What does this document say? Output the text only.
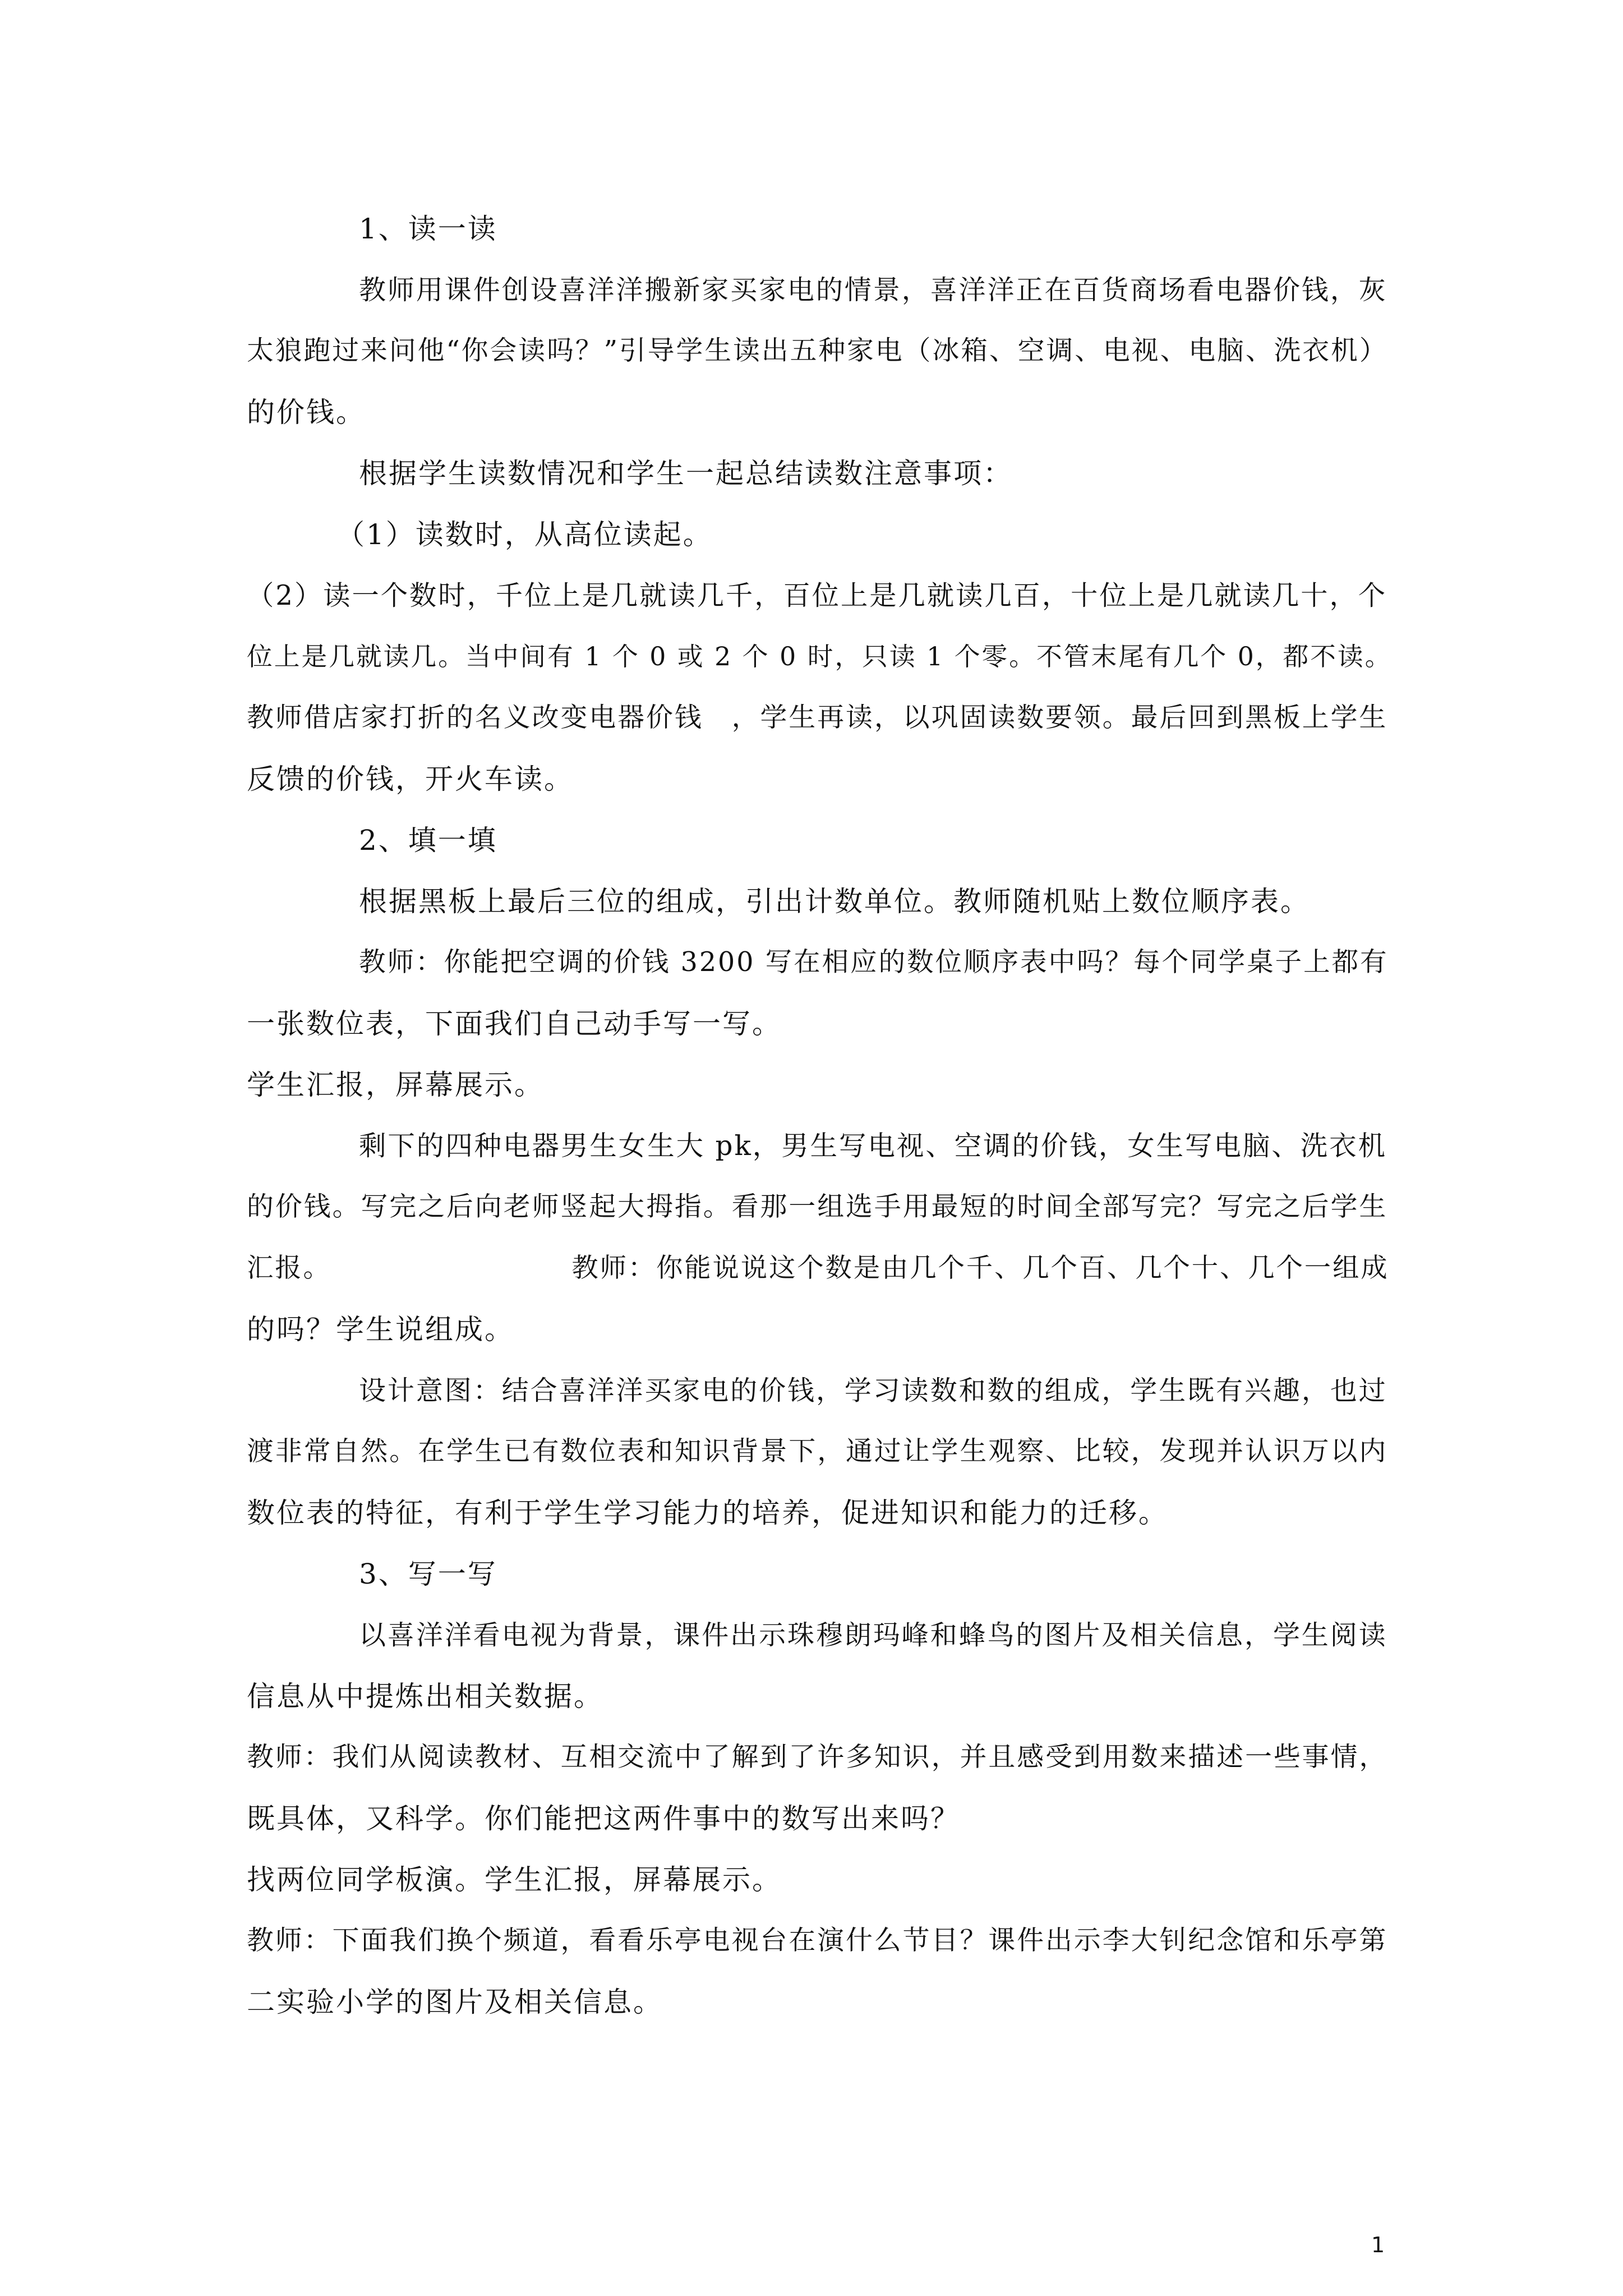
1、读一读
教师用课件创设喜洋洋搬新家买家电的情景，喜洋洋正在百货商场看电器价钱，灰
太狼跑过来问他“你会读吗？”引导学生读出五种家电（冰箱、空调、电视、电脑、洗衣机）
的价钱。
根据学生读数情况和学生一起总结读数注意事项：
（1）读数时，从高位读起。
（2）读一个数时，千位上是几就读几千，百位上是几就读几百，十位上是几就读几十，个
位上是几就读几。当中间有 1 个 0 或 2 个 0 时，只读 1 个零。不管末尾有几个 0，都不读。
教师借店家打折的名义改变电器价钱　，学生再读，以巩固读数要领。最后回到黑板上学生
反馈的价钱，开火车读。
2、填一填
根据黑板上最后三位的组成，引出计数单位。教师随机贴上数位顺序表。
教师：你能把空调的价钱 3200 写在相应的数位顺序表中吗？每个同学桌子上都有
一张数位表，下面我们自己动手写一写。
学生汇报，屏幕展示。
剩下的四种电器男生女生大 pk，男生写电视、空调的价钱，女生写电脑、洗衣机
的价钱。写完之后向老师竖起大拇指。看那一组选手用最短的时间全部写完？写完之后学生
汇报。　　　　　　　　　教师：你能说说这个数是由几个千、几个百、几个十、几个一组成
的吗？学生说组成。
设计意图：结合喜洋洋买家电的价钱，学习读数和数的组成，学生既有兴趣，也过
渡非常自然。在学生已有数位表和知识背景下，通过让学生观察、比较，发现并认识万以内
数位表的特征，有利于学生学习能力的培养，促进知识和能力的迁移。
3、写一写
以喜洋洋看电视为背景，课件出示珠穆朗玛峰和蜂鸟的图片及相关信息，学生阅读
信息从中提炼出相关数据。
教师：我们从阅读教材、互相交流中了解到了许多知识，并且感受到用数来描述一些事情，
既具体，又科学。你们能把这两件事中的数写出来吗？
找两位同学板演。学生汇报，屏幕展示。
教师：下面我们换个频道，看看乐亭电视台在演什么节目？课件出示李大钊纪念馆和乐亭第
二实验小学的图片及相关信息。
1
